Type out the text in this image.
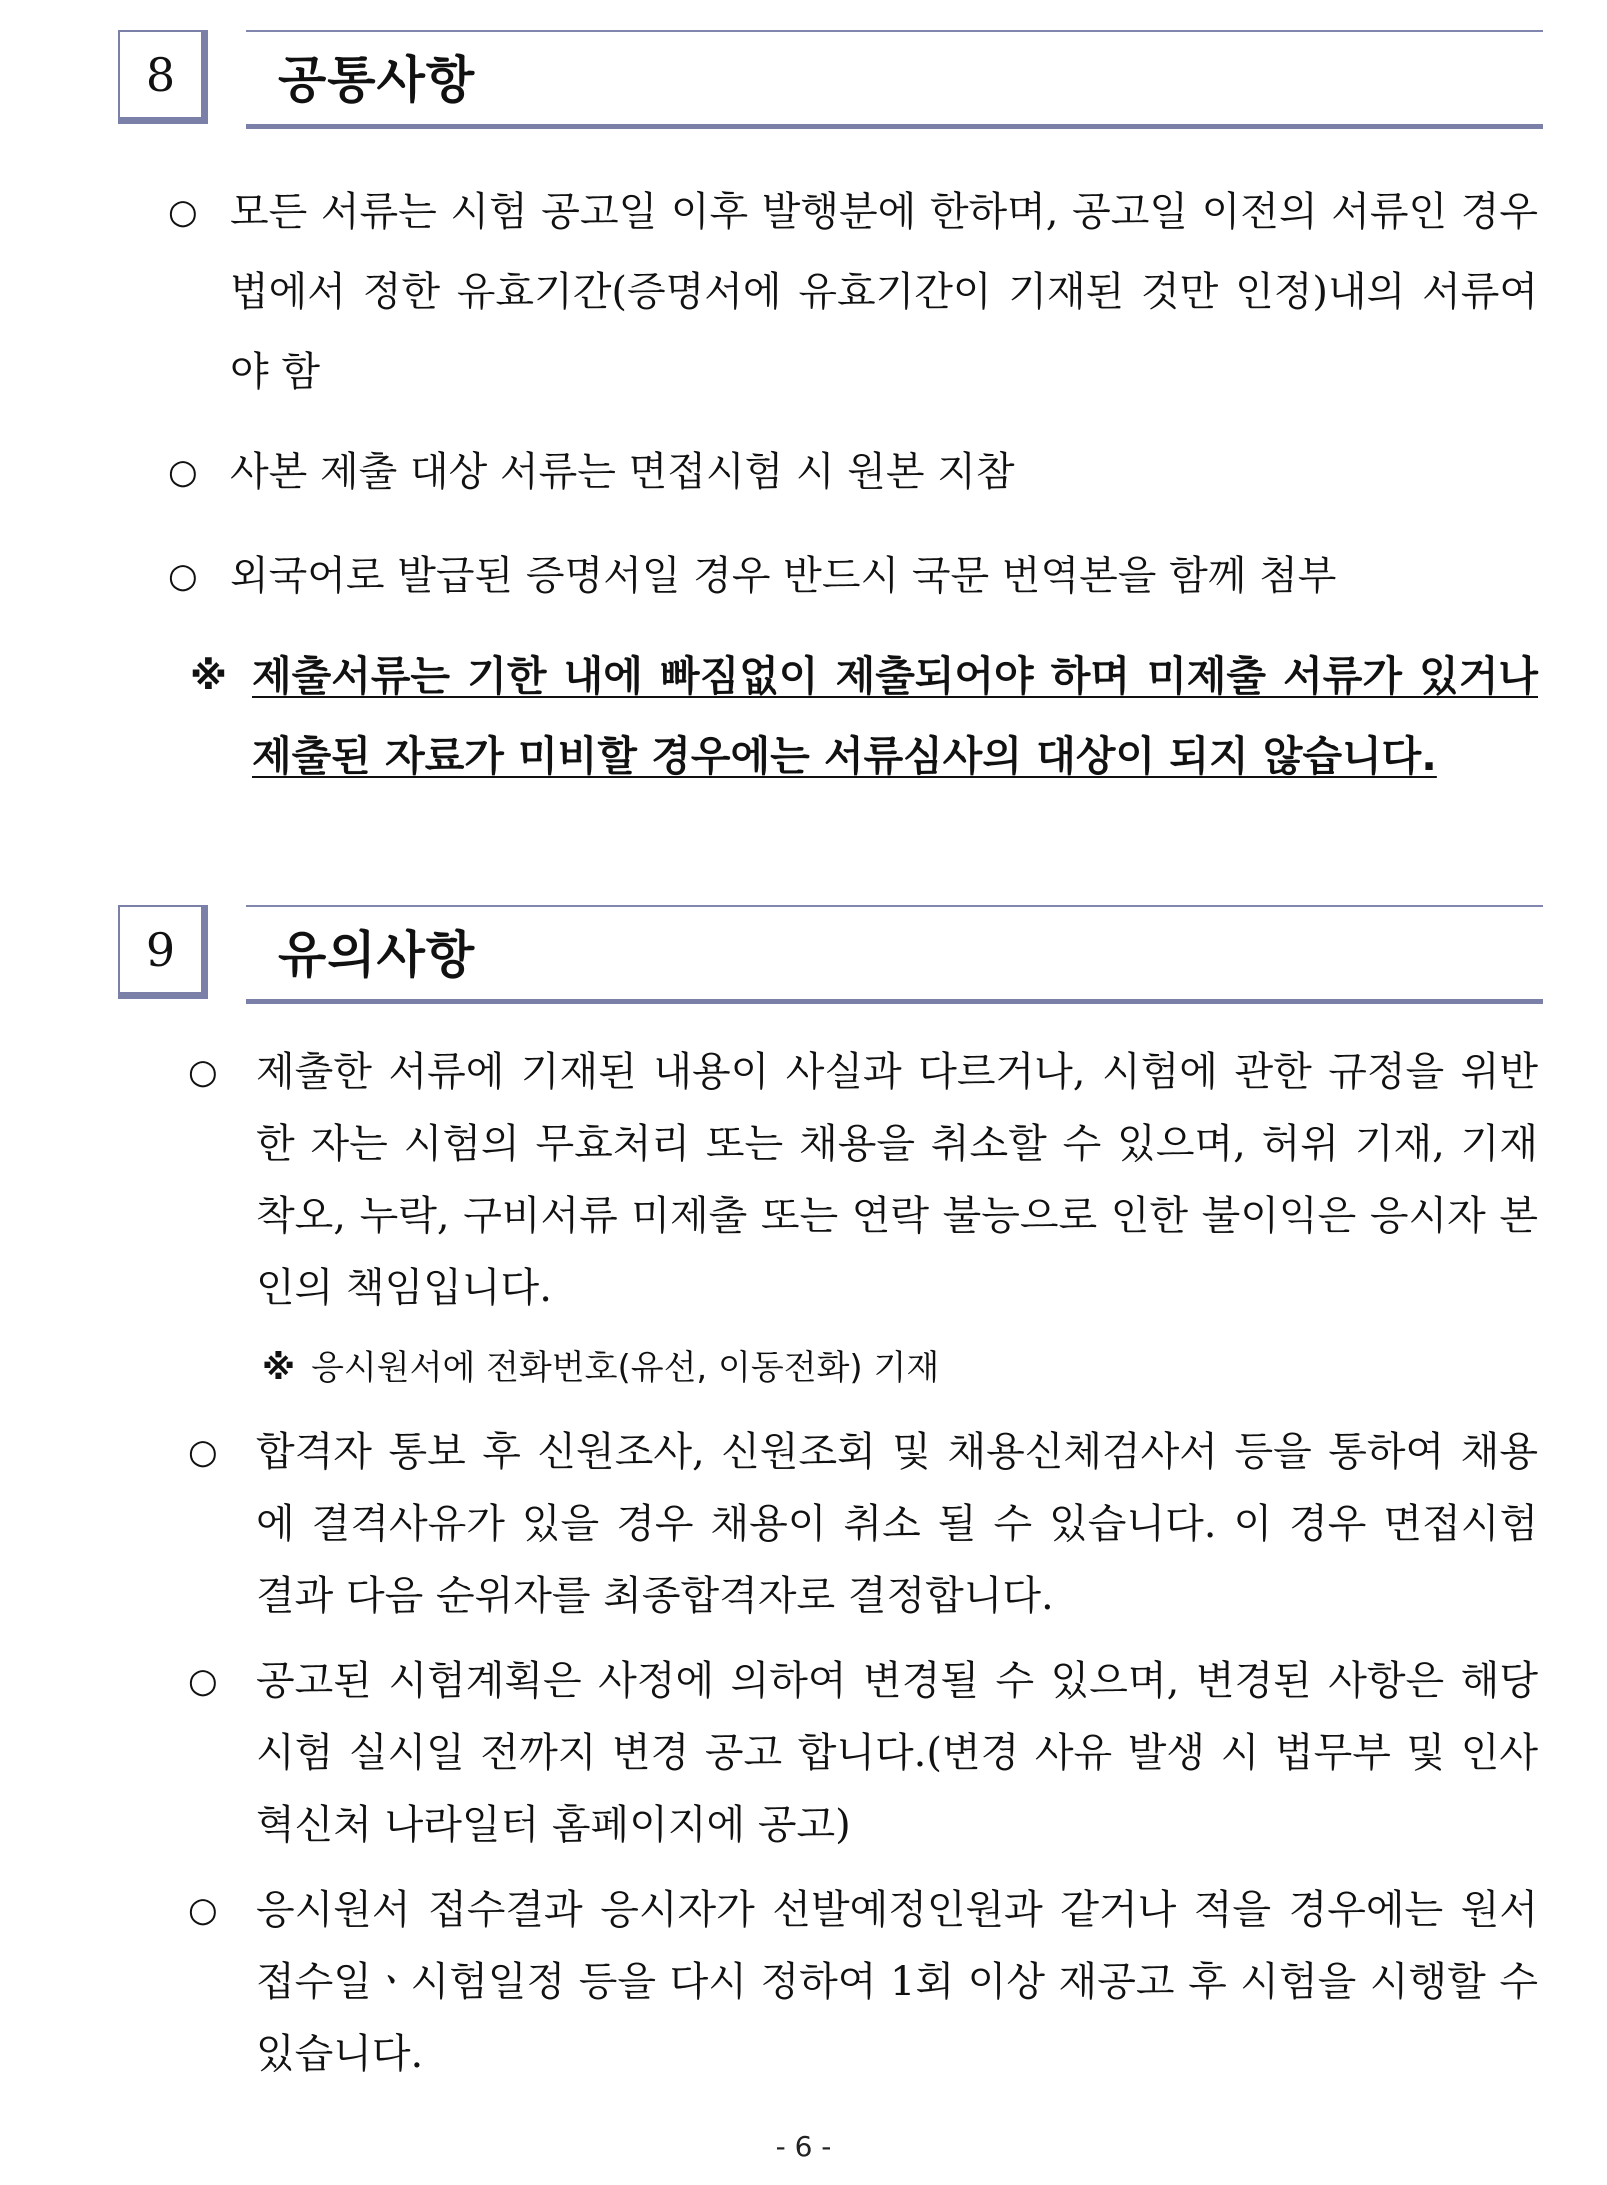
8	공통사항
○ 모든 서류는 시험 공고일 이후 발행분에 한하며, 공고일 이전의 서류인 경우 법에서 정한 유효기간(증명서에 유효기간이 기재된 것만 인정)내의 서류여야 함
○ 사본 제출 대상 서류는 면접시험 시 원본 지참
○ 외국어로 발급된 증명서일 경우 반드시 국문 번역본을 함께 첨부
※ 제출서류는 기한 내에 빠짐없이 제출되어야 하며 미제출 서류가 있거나 제출된 자료가 미비할 경우에는 서류심사의 대상이 되지 않습니다.
9	유의사항
○ 제출한 서류에 기재된 내용이 사실과 다르거나, 시험에 관한 규정을 위반한 자는 시험의 무효처리 또는 채용을 취소할 수 있으며, 허위 기재, 기재 착오, 누락, 구비서류 미제출 또는 연락 불능으로 인한 불이익은 응시자 본인의 책임입니다.
※ 응시원서에 전화번호(유선, 이동전화) 기재
○ 합격자 통보 후 신원조사, 신원조회 및 채용신체검사서 등을 통하여 채용에 결격사유가 있을 경우 채용이 취소 될 수 있습니다. 이 경우 면접시험 결과 다음 순위자를 최종합격자로 결정합니다.
○ 공고된 시험계획은 사정에 의하여 변경될 수 있으며, 변경된 사항은 해당 시험 실시일 전까지 변경 공고 합니다.(변경 사유 발생 시 법무부 및 인사혁신처 나라일터 홈페이지에 공고)
○ 응시원서 접수결과 응시자가 선발예정인원과 같거나 적을 경우에는 원서접수일ㆍ시험일정 등을 다시 정하여 1회 이상 재공고 후 시험을 시행할 수 있습니다.
- 6 -
